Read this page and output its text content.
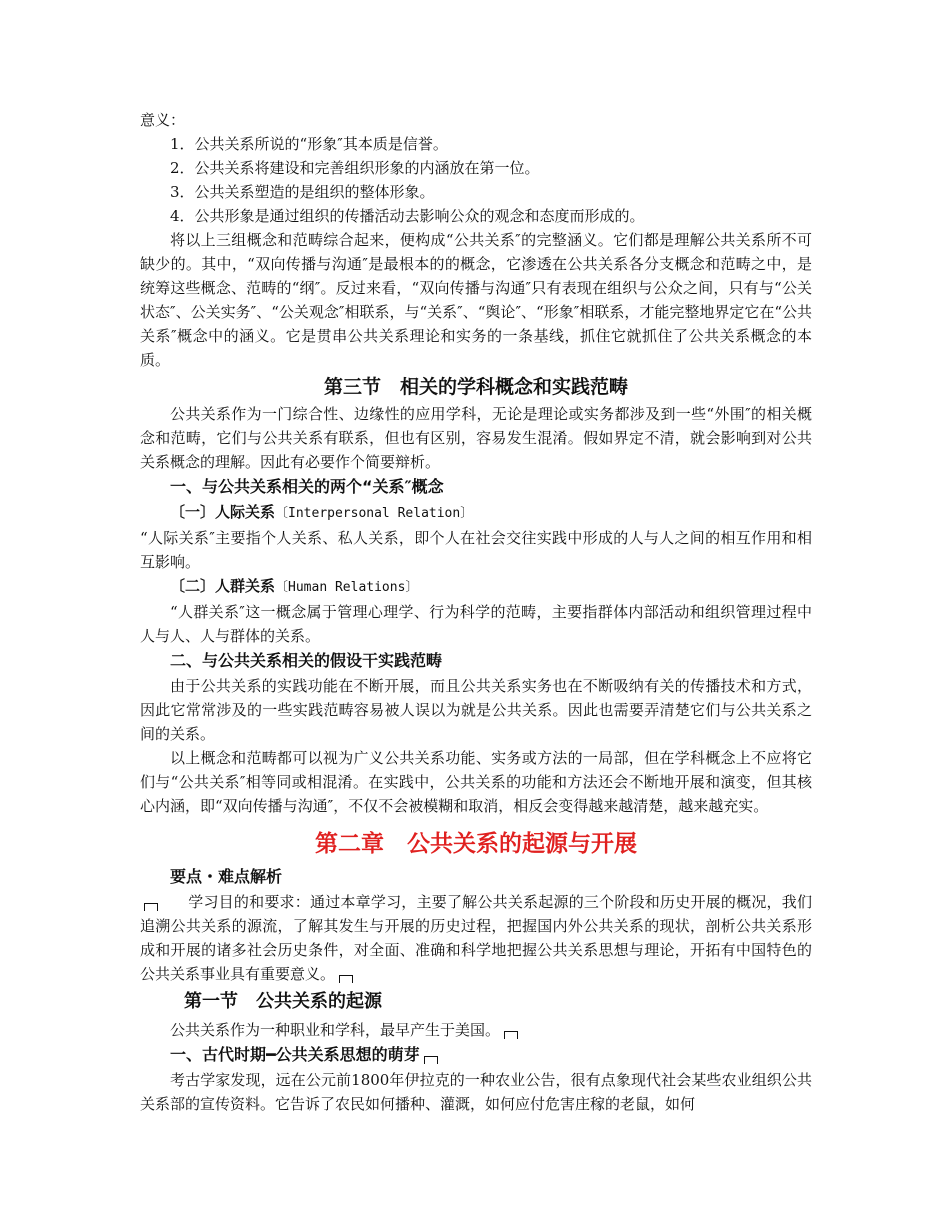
意义：

1．公共关系所说的“形象″其本质是信誉。

2．公共关系将建设和完善组织形象的内涵放在第一位。

3．公共关系塑造的是组织的整体形象。

4．公共形象是通过组织的传播活动去影响公众的观念和态度而形成的。

将以上三组概念和范畴综合起来，便构成“公共关系″的完整涵义。它们都是理解公共关系所不可缺少的。其中，“双向传播与沟通″是最根本的的概念，它渗透在公共关系各分支概念和范畴之中，是统筹这些概念、范畴的“纲″。反过来看，“双向传播与沟通″只有表现在组织与公众之间，只有与“公关状态″、公关实务″、“公关观念″相联系，与“关系″、“舆论″、“形象″相联系，才能完整地界定它在“公共关系″概念中的涵义。它是贯串公共关系理论和实务的一条基线，抓住它就抓住了公共关系概念的本质。

第三节　相关的学科概念和实践范畴

公共关系作为一门综合性、边缘性的应用学科，无论是理论或实务都涉及到一些“外围″的相关概念和范畴，它们与公共关系有联系，但也有区别，容易发生混淆。假如界定不清，就会影响到对公共关系概念的理解。因此有必要作个简要辩析。

一、与公共关系相关的两个“关系″概念

〔一〕人际关系〔Interpersonal Relation〕

“人际关系″主要指个人关系、私人关系，即个人在社会交往实践中形成的人与人之间的相互作用和相互影响。

〔二〕人群关系〔Human Relations〕

“人群关系″这一概念属于管理心理学、行为科学的范畴，主要指群体内部活动和组织管理过程中人与人、人与群体的关系。

二、与公共关系相关的假设干实践范畴

由于公共关系的实践功能在不断开展，而且公共关系实务也在不断吸纳有关的传播技术和方式，因此它常常涉及的一些实践范畴容易被人误以为就是公共关系。因此也需要弄清楚它们与公共关系之间的关系。

以上概念和范畴都可以视为广义公共关系功能、实务或方法的一局部，但在学科概念上不应将它们与“公共关系″相等同或相混淆。在实践中，公共关系的功能和方法还会不断地开展和演变，但其核心内涵，即“双向传播与沟通″，不仅不会被模糊和取消，相反会变得越来越清楚，越来越充实。

第二章　公共关系的起源与开展
要点・难点解析

学习目的和要求：通过本章学习，主要了解公共关系起源的三个阶段和历史开展的概况，我们追溯公共关系的源流，了解其发生与开展的历史过程，把握国内外公共关系的现状，剖析公共关系形成和开展的诸多社会历史条件，对全面、准确和科学地把握公共关系思想与理论，开拓有中国特色的公共关系事业具有重要意义。

第一节　公共关系的起源

公共关系作为一种职业和学科，最早产生于美国。

一、古代时期━公共关系思想的萌芽

考古学家发现，远在公元前1800年伊拉克的一种农业公告，很有点象现代社会某些农业组织公共关系部的宣传资料。它告诉了农民如何播种、灌溉，如何应付危害庄稼的老鼠，如何
